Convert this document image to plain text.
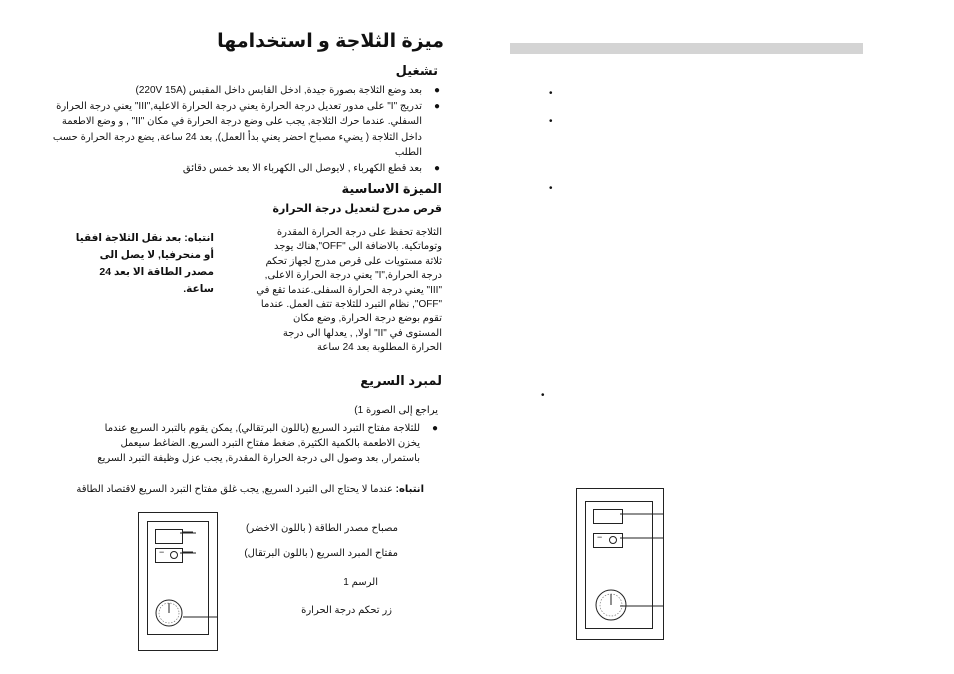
ميزة الثلاجة و استخدامها
تشغيل
●
بعد وضع الثلاجة بصورة جيدة, ادخل القابس داخل المقبس (220V 15A)
●
تدريج "I" على مدور تعديل درجة الحرارة يعني درجة الحرارة الاعلية,"III" يعني درجة الحرارة السفلي. عندما حرك الثلاجة, يجب على وضع درجة الحرارة في مكان "II" , و وضع الاطعمة داخل الثلاجة ( يضيء مصباح احضر يعني بدأ العمل), بعد 24 ساعة, يضع درجة الحرارة حسب الطلب
●
بعد قطع الكهرباء , لايوصل الى الكهرباء الا بعد خمس دقائق
الميزة الاساسية
قرص مدرج لتعديل درجة الحرارة
الثلاجة تحفظ على درجة الحرارة المقدرة وتوماتكية. بالاضافة الى "OFF",هناك يوجد ثلاثة مستويات على قرص مدرج لجهاز تحكم درجة الحرارة,"I" يعني درجة الحرارة الاعلى, "III" يعني درجة الحرارة السفلى.عندما تقع في "OFF", نظام التبرد للثلاجة تتف العمل. عندما تقوم بوضع درجة الحرارة, وضع مكان المستوى في "II" اولا, , يعدلها الى درجة الحرارة المطلوبة بعد 24 ساعة
انتباه: بعد نقل الثلاجة افقيا أو منحرفيا, لا يصل الى مصدر الطاقة الا بعد 24 ساعة.
لمبرد السريع
يراجع إلى الصورة 1)
●
للثلاجة مفتاح التبرد السريع (باللون البرتقالي), يمكن يقوم بالتبرد السريع عندما يخزن الاطعمة بالكمية الكثيرة, ضغط مفتاح التبرد السريع. الضاغط سيعمل باستمرار, بعد وصول الى درجة الحرارة المقدرة, يجب عزل وظيفة التبرد السريع
انتباه: عندما لا يحتاج الى التبرد السريع, يجب غلق مفتاح التبرد السريع لاقتصاد الطاقة
−
مصباح مصدر الطاقة ( باللون الاخضر)
مفتاح المبرد السريع ( باللون البرتقال)
الرسم 1
زر تحكم درجة الحرارة
•
•
•
•
−
